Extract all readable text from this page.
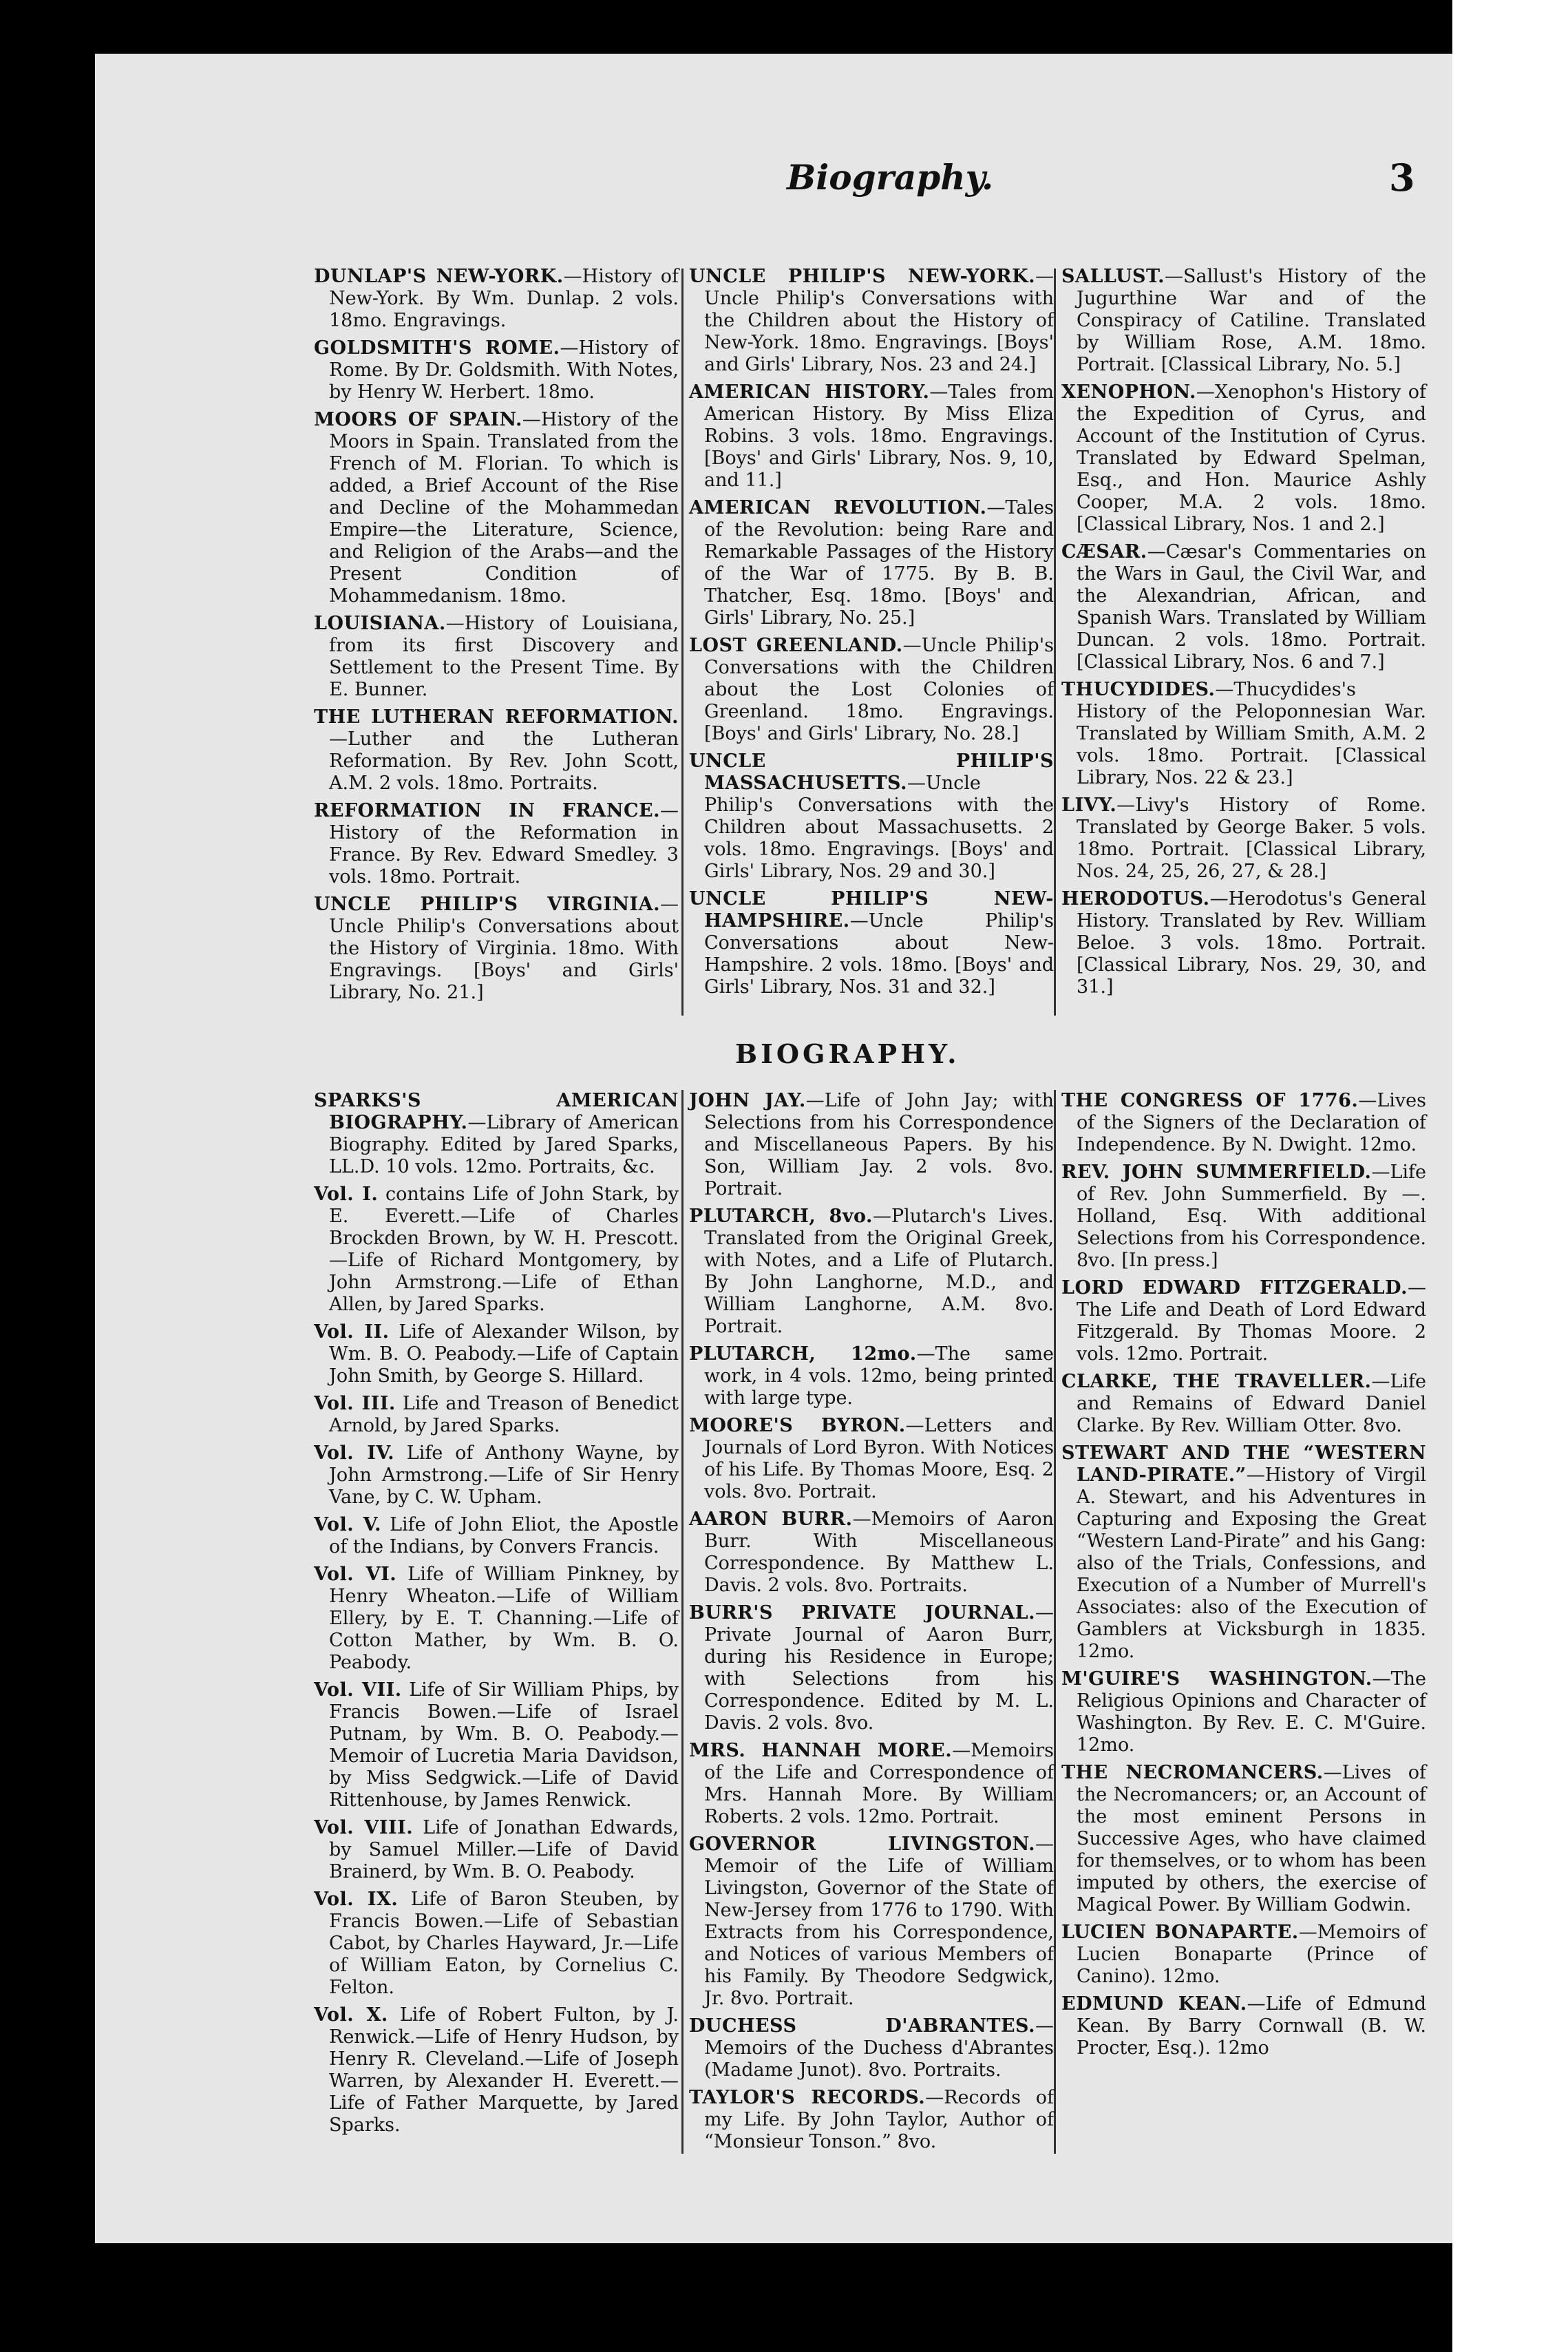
Biography.	3

DUNLAP'S NEW-YORK.—History of New-York. By Wm. Dunlap. 2 vols. 18mo. Engravings.

GOLDSMITH'S ROME.—History of Rome. By Dr. Goldsmith. With Notes, by Henry W. Herbert. 18mo.

MOORS OF SPAIN.—History of the Moors in Spain. Translated from the French of M. Florian. To which is added, a Brief Account of the Rise and Decline of the Mohammedan Empire—the Literature, Science, and Religion of the Arabs—and the Present Condition of Mohammedanism. 18mo.

LOUISIANA.—History of Louisiana, from its first Discovery and Settlement to the Present Time. By E. Bunner.

THE LUTHERAN REFORMATION.—Luther and the Lutheran Reformation. By Rev. John Scott, A.M. 2 vols. 18mo. Portraits.

REFORMATION IN FRANCE.—History of the Reformation in France. By Rev. Edward Smedley. 3 vols. 18mo. Portrait.

UNCLE PHILIP'S VIRGINIA.—Uncle Philip's Conversations about the History of Virginia. 18mo. With Engravings. [Boys' and Girls' Library, No. 21.]

UNCLE PHILIP'S NEW-YORK.—Uncle Philip's Conversations with the Children about the History of New-York. 18mo. Engravings. [Boys' and Girls' Library, Nos. 23 and 24.]

AMERICAN HISTORY.—Tales from American History. By Miss Eliza Robins. 3 vols. 18mo. Engravings. [Boys' and Girls' Library, Nos. 9, 10, and 11.]

AMERICAN REVOLUTION.—Tales of the Revolution: being Rare and Remarkable Passages of the History of the War of 1775. By B. B. Thatcher, Esq. 18mo. [Boys' and Girls' Library, No. 25.]

LOST GREENLAND.—Uncle Philip's Conversations with the Children about the Lost Colonies of Greenland. 18mo. Engravings. [Boys' and Girls' Library, No. 28.]

UNCLE PHILIP'S MASSACHUSETTS.—Uncle Philip's Conversations with the Children about Massachusetts. 2 vols. 18mo. Engravings. [Boys' and Girls' Library, Nos. 29 and 30.]

UNCLE PHILIP'S NEW-HAMPSHIRE.—Uncle Philip's Conversations about New-Hampshire. 2 vols. 18mo. [Boys' and Girls' Library, Nos. 31 and 32.]

SALLUST.—Sallust's History of the Jugurthine War and of the Conspiracy of Catiline. Translated by William Rose, A.M. 18mo. Portrait. [Classical Library, No. 5.]

XENOPHON.—Xenophon's History of the Expedition of Cyrus, and Account of the Institution of Cyrus. Translated by Edward Spelman, Esq., and Hon. Maurice Ashly Cooper, M.A. 2 vols. 18mo. [Classical Library, Nos. 1 and 2.]

CÆSAR.—Cæsar's Commentaries on the Wars in Gaul, the Civil War, and the Alexandrian, African, and Spanish Wars. Translated by William Duncan. 2 vols. 18mo. Portrait. [Classical Library, Nos. 6 and 7.]

THUCYDIDES.—Thucydides's History of the Peloponnesian War. Translated by William Smith, A.M. 2 vols. 18mo. Portrait. [Classical Library, Nos. 22 & 23.]

LIVY.—Livy's History of Rome. Translated by George Baker. 5 vols. 18mo. Portrait. [Classical Library, Nos. 24, 25, 26, 27, & 28.]

HERODOTUS.—Herodotus's General History. Translated by Rev. William Beloe. 3 vols. 18mo. Portrait. [Classical Library, Nos. 29, 30, and 31.]

BIOGRAPHY.

SPARKS'S AMERICAN BIOGRAPHY.—Library of American Biography. Edited by Jared Sparks, LL.D. 10 vols. 12mo. Portraits, &c.

Vol. I. contains Life of John Stark, by E. Everett.—Life of Charles Brockden Brown, by W. H. Prescott.—Life of Richard Montgomery, by John Armstrong.—Life of Ethan Allen, by Jared Sparks.

Vol. II. Life of Alexander Wilson, by Wm. B. O. Peabody.—Life of Captain John Smith, by George S. Hillard.

Vol. III. Life and Treason of Benedict Arnold, by Jared Sparks.

Vol. IV. Life of Anthony Wayne, by John Armstrong.—Life of Sir Henry Vane, by C. W. Upham.

Vol. V. Life of John Eliot, the Apostle of the Indians, by Convers Francis.

Vol. VI. Life of William Pinkney, by Henry Wheaton.—Life of William Ellery, by E. T. Channing.—Life of Cotton Mather, by Wm. B. O. Peabody.

Vol. VII. Life of Sir William Phips, by Francis Bowen.—Life of Israel Putnam, by Wm. B. O. Peabody.—Memoir of Lucretia Maria Davidson, by Miss Sedgwick.—Life of David Rittenhouse, by James Renwick.

Vol. VIII. Life of Jonathan Edwards, by Samuel Miller.—Life of David Brainerd, by Wm. B. O. Peabody.

Vol. IX. Life of Baron Steuben, by Francis Bowen.—Life of Sebastian Cabot, by Charles Hayward, Jr.—Life of William Eaton, by Cornelius C. Felton.

Vol. X. Life of Robert Fulton, by J. Renwick.—Life of Henry Hudson, by Henry R. Cleveland.—Life of Joseph Warren, by Alexander H. Everett.—Life of Father Marquette, by Jared Sparks.

JOHN JAY.—Life of John Jay; with Selections from his Correspondence and Miscellaneous Papers. By his Son, William Jay. 2 vols. 8vo. Portrait.

PLUTARCH, 8vo.—Plutarch's Lives. Translated from the Original Greek, with Notes, and a Life of Plutarch. By John Langhorne, M.D., and William Langhorne, A.M. 8vo. Portrait.

PLUTARCH, 12mo.—The same work, in 4 vols. 12mo, being printed with large type.

MOORE'S BYRON.—Letters and Journals of Lord Byron. With Notices of his Life. By Thomas Moore, Esq. 2 vols. 8vo. Portrait.

AARON BURR.—Memoirs of Aaron Burr. With Miscellaneous Correspondence. By Matthew L. Davis. 2 vols. 8vo. Portraits.

BURR'S PRIVATE JOURNAL.—Private Journal of Aaron Burr, during his Residence in Europe; with Selections from his Correspondence. Edited by M. L. Davis. 2 vols. 8vo.

MRS. HANNAH MORE.—Memoirs of the Life and Correspondence of Mrs. Hannah More. By William Roberts. 2 vols. 12mo. Portrait.

GOVERNOR LIVINGSTON.—Memoir of the Life of William Livingston, Governor of the State of New-Jersey from 1776 to 1790. With Extracts from his Correspondence, and Notices of various Members of his Family. By Theodore Sedgwick, Jr. 8vo. Portrait.

DUCHESS D'ABRANTES.—Memoirs of the Duchess d'Abrantes (Madame Junot). 8vo. Portraits.

TAYLOR'S RECORDS.—Records of my Life. By John Taylor, Author of “Monsieur Tonson.” 8vo.

THE CONGRESS OF 1776.—Lives of the Signers of the Declaration of Independence. By N. Dwight. 12mo.

REV. JOHN SUMMERFIELD.—Life of Rev. John Summerfield. By —. Holland, Esq. With additional Selections from his Correspondence. 8vo. [In press.]

LORD EDWARD FITZGERALD.—The Life and Death of Lord Edward Fitzgerald. By Thomas Moore. 2 vols. 12mo. Portrait.

CLARKE, THE TRAVELLER.—Life and Remains of Edward Daniel Clarke. By Rev. William Otter. 8vo.

STEWART AND THE “WESTERN LAND-PIRATE.”—History of Virgil A. Stewart, and his Adventures in Capturing and Exposing the Great “Western Land-Pirate” and his Gang: also of the Trials, Confessions, and Execution of a Number of Murrell's Associates: also of the Execution of Gamblers at Vicksburgh in 1835. 12mo.

M'GUIRE'S WASHINGTON.—The Religious Opinions and Character of Washington. By Rev. E. C. M'Guire. 12mo.

THE NECROMANCERS.—Lives of the Necromancers; or, an Account of the most eminent Persons in Successive Ages, who have claimed for themselves, or to whom has been imputed by others, the exercise of Magical Power. By William Godwin.

LUCIEN BONAPARTE.—Memoirs of Lucien Bonaparte (Prince of Canino). 12mo.

EDMUND KEAN.—Life of Edmund Kean. By Barry Cornwall (B. W. Procter, Esq.). 12mo
